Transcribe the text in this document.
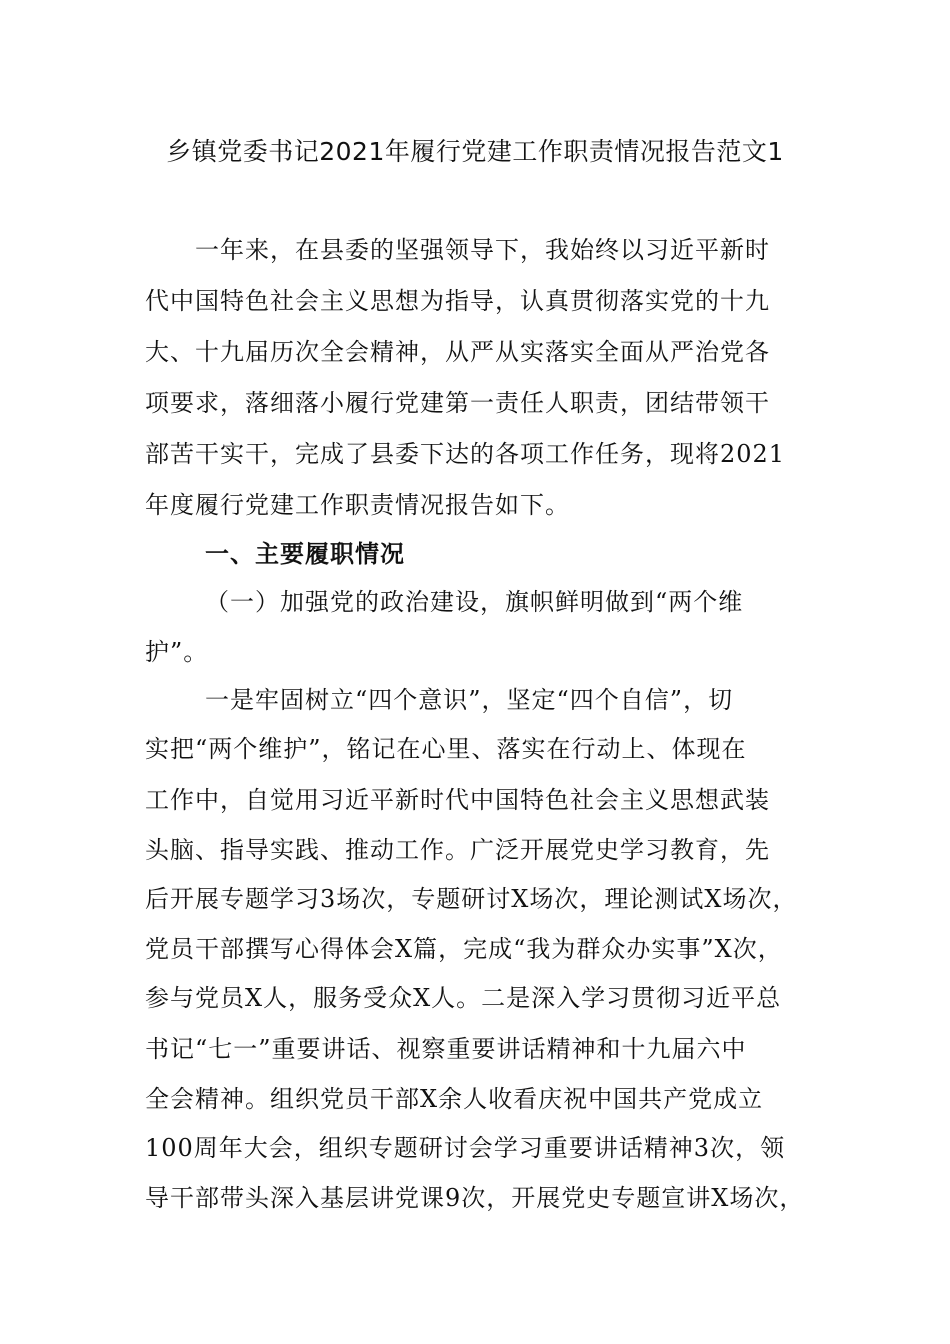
乡镇党委书记2021年履行党建工作职责情况报告范文1
一年来，在县委的坚强领导下，我始终以习近平新时
代中国特色社会主义思想为指导，认真贯彻落实党的十九
大、十九届历次全会精神，从严从实落实全面从严治党各
项要求，落细落小履行党建第一责任人职责，团结带领干
部苦干实干，完成了县委下达的各项工作任务，现将2021
年度履行党建工作职责情况报告如下。
一、主要履职情况
（一）加强党的政治建设，旗帜鲜明做到“两个维
护”。
一是牢固树立“四个意识”，坚定“四个自信”，切
实把“两个维护”，铭记在心里、落实在行动上、体现在
工作中，自觉用习近平新时代中国特色社会主义思想武装
头脑、指导实践、推动工作。广泛开展党史学习教育，先
后开展专题学习3场次，专题研讨X场次，理论测试X场次，
党员干部撰写心得体会X篇，完成“我为群众办实事”X次，
参与党员X人，服务受众X人。二是深入学习贯彻习近平总
书记“七一”重要讲话、视察重要讲话精神和十九届六中
全会精神。组织党员干部X余人收看庆祝中国共产党成立
100周年大会，组织专题研讨会学习重要讲话精神3次，领
导干部带头深入基层讲党课9次，开展党史专题宣讲X场次，
